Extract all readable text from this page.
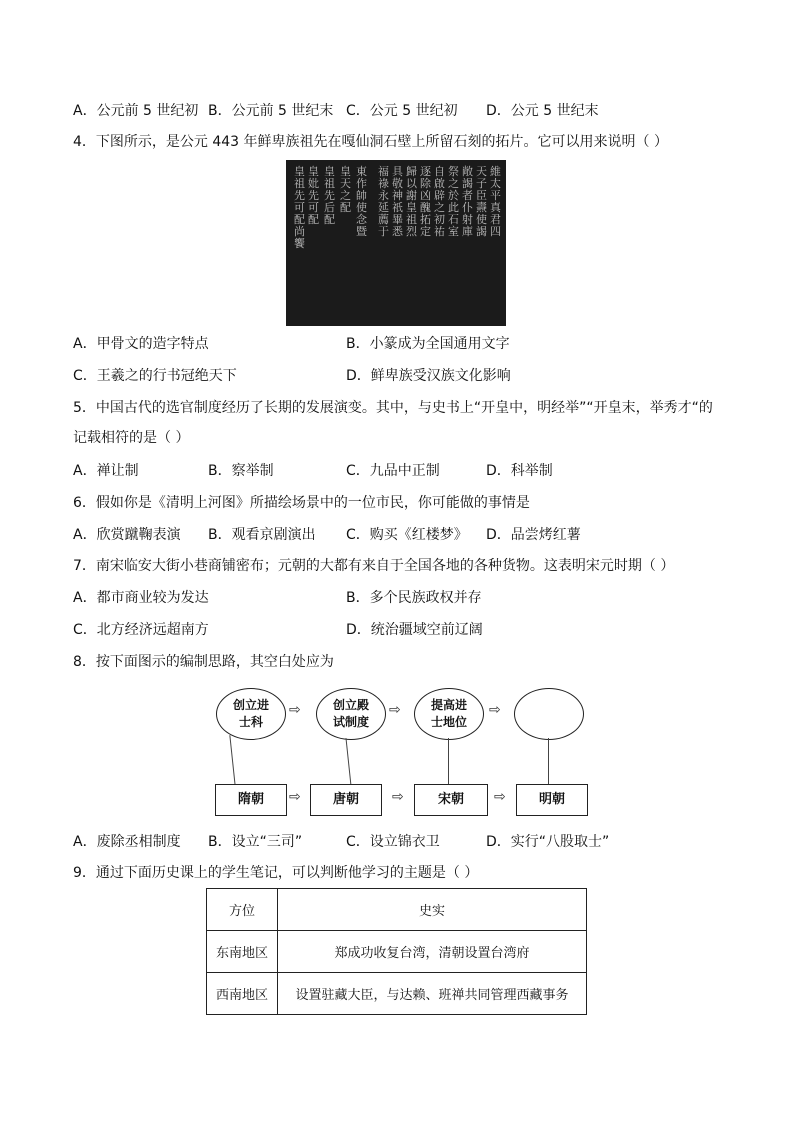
A．公元前 5 世纪初 B．公元前 5 世纪末 C．公元 5 世纪初 D．公元 5 世纪末
4．下图所示，是公元 443 年鲜卑族祖先在嘎仙洞石壁上所留石刻的拓片。它可以用来说明（ ）
皇祖先可配尚饗
皇妣先可配
皇祖先后配
皇天之配
東作帥使念暨
福祿永延薦于
具敬神祇畢悉
歸以謝皇祖烈
逐除凶醜拓定
自啟辟之初祐
祭之於此石室
敞謁者仆射庫
天子臣燾使謁
維太平真君四
A．甲骨文的造字特点	B．小篆成为全国通用文字
C．王羲之的行书冠绝天下	D．鲜卑族受汉族文化影响
5．中国古代的选官制度经历了长期的发展演变。其中，与史书上“开皇中，明经举”“开皇末，举秀才“的
记载相符的是（ ）
A．禅让制	B．察举制	C．九品中正制	D．科举制
6．假如你是《清明上河图》所描绘场景中的一位市民，你可能做的事情是
A．欣赏蹴鞠表演 B．观看京剧演出 C．购买《红楼梦》 D．品尝烤红薯
7．南宋临安大街小巷商铺密布；元朝的大都有来自于全国各地的各种货物。这表明宋元时期（ ）
A．都市商业较为发达	B．多个民族政权并存
C．北方经济远超南方	D．统治疆域空前辽阔
8．按下面图示的编制思路，其空白处应为
创立进士科
创立殿试制度
提高进士地位
⇨	⇨	⇨
隋朝	唐朝	宋朝	明朝
⇨	⇨	⇨
A．废除丞相制度 B．设立“三司”	C．设立锦衣卫	D．实行“八股取士”
9．通过下面历史课上的学生笔记，可以判断他学习的主题是（ ）
方位	史实
东南地区	郑成功收复台湾，清朝设置台湾府
西南地区	设置驻藏大臣，与达赖、班禅共同管理西藏事务
